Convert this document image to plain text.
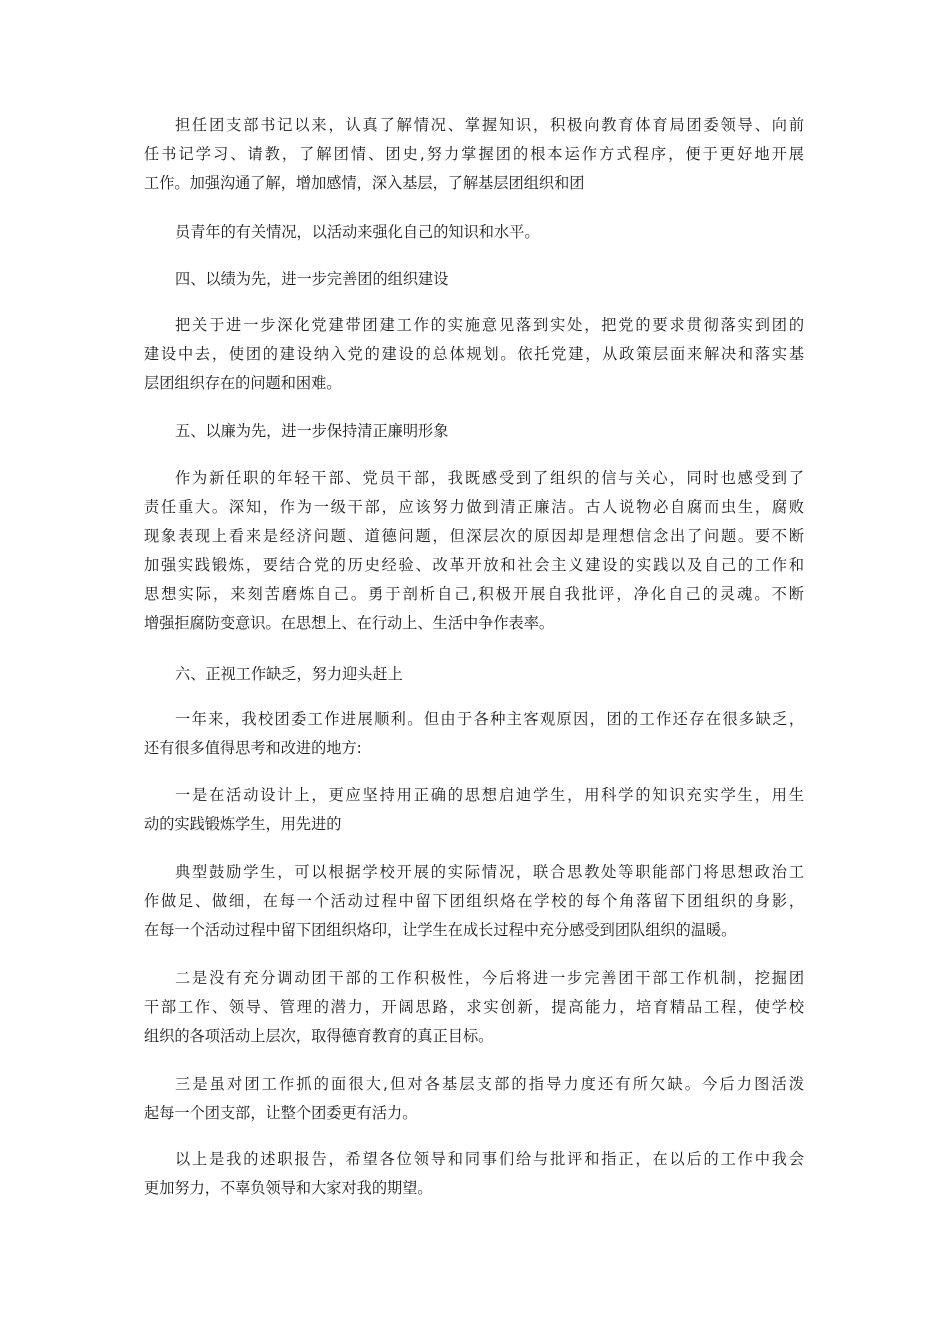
担任团支部书记以来，认真了解情况、掌握知识，积极向教育体育局团委领导、向前
任书记学习、请教，了解团情、团史,努力掌握团的根本运作方式程序，便于更好地开展
工作。加强沟通了解，增加感情，深入基层，了解基层团组织和团

员青年的有关情况，以活动来强化自己的知识和水平。

四、以绩为先，进一步完善团的组织建设

把关于进一步深化党建带团建工作的实施意见落到实处，把党的要求贯彻落实到团的
建设中去，使团的建设纳入党的建设的总体规划。依托党建，从政策层面来解决和落实基
层团组织存在的问题和困难。

五、以廉为先，进一步保持清正廉明形象

作为新任职的年轻干部、党员干部，我既感受到了组织的信与关心，同时也感受到了
责任重大。深知，作为一级干部，应该努力做到清正廉洁。古人说物必自腐而虫生，腐败
现象表现上看来是经济问题、道德问题，但深层次的原因却是理想信念出了问题。要不断
加强实践锻炼，要结合党的历史经验、改革开放和社会主义建设的实践以及自己的工作和
思想实际，来刻苦磨炼自己。勇于剖析自己,积极开展自我批评，净化自己的灵魂。不断
增强拒腐防变意识。在思想上、在行动上、生活中争作表率。

六、正视工作缺乏，努力迎头赶上

一年来，我校团委工作进展顺利。但由于各种主客观原因，团的工作还存在很多缺乏，
还有很多值得思考和改进的地方:

一是在活动设计上，更应坚持用正确的思想启迪学生，用科学的知识充实学生，用生
动的实践锻炼学生，用先进的

典型鼓励学生，可以根据学校开展的实际情况，联合思教处等职能部门将思想政治工
作做足、做细，在每一个活动过程中留下团组织烙在学校的每个角落留下团组织的身影，
在每一个活动过程中留下团组织烙印，让学生在成长过程中充分感受到团队组织的温暖。

二是没有充分调动团干部的工作积极性，今后将进一步完善团干部工作机制，挖掘团
干部工作、领导、管理的潜力，开阔思路，求实创新，提高能力，培育精品工程，使学校
组织的各项活动上层次，取得德育教育的真正目标。

三是虽对团工作抓的面很大,但对各基层支部的指导力度还有所欠缺。今后力图活泼
起每一个团支部，让整个团委更有活力。

以上是我的述职报告，希望各位领导和同事们给与批评和指正，在以后的工作中我会
更加努力，不辜负领导和大家对我的期望。
